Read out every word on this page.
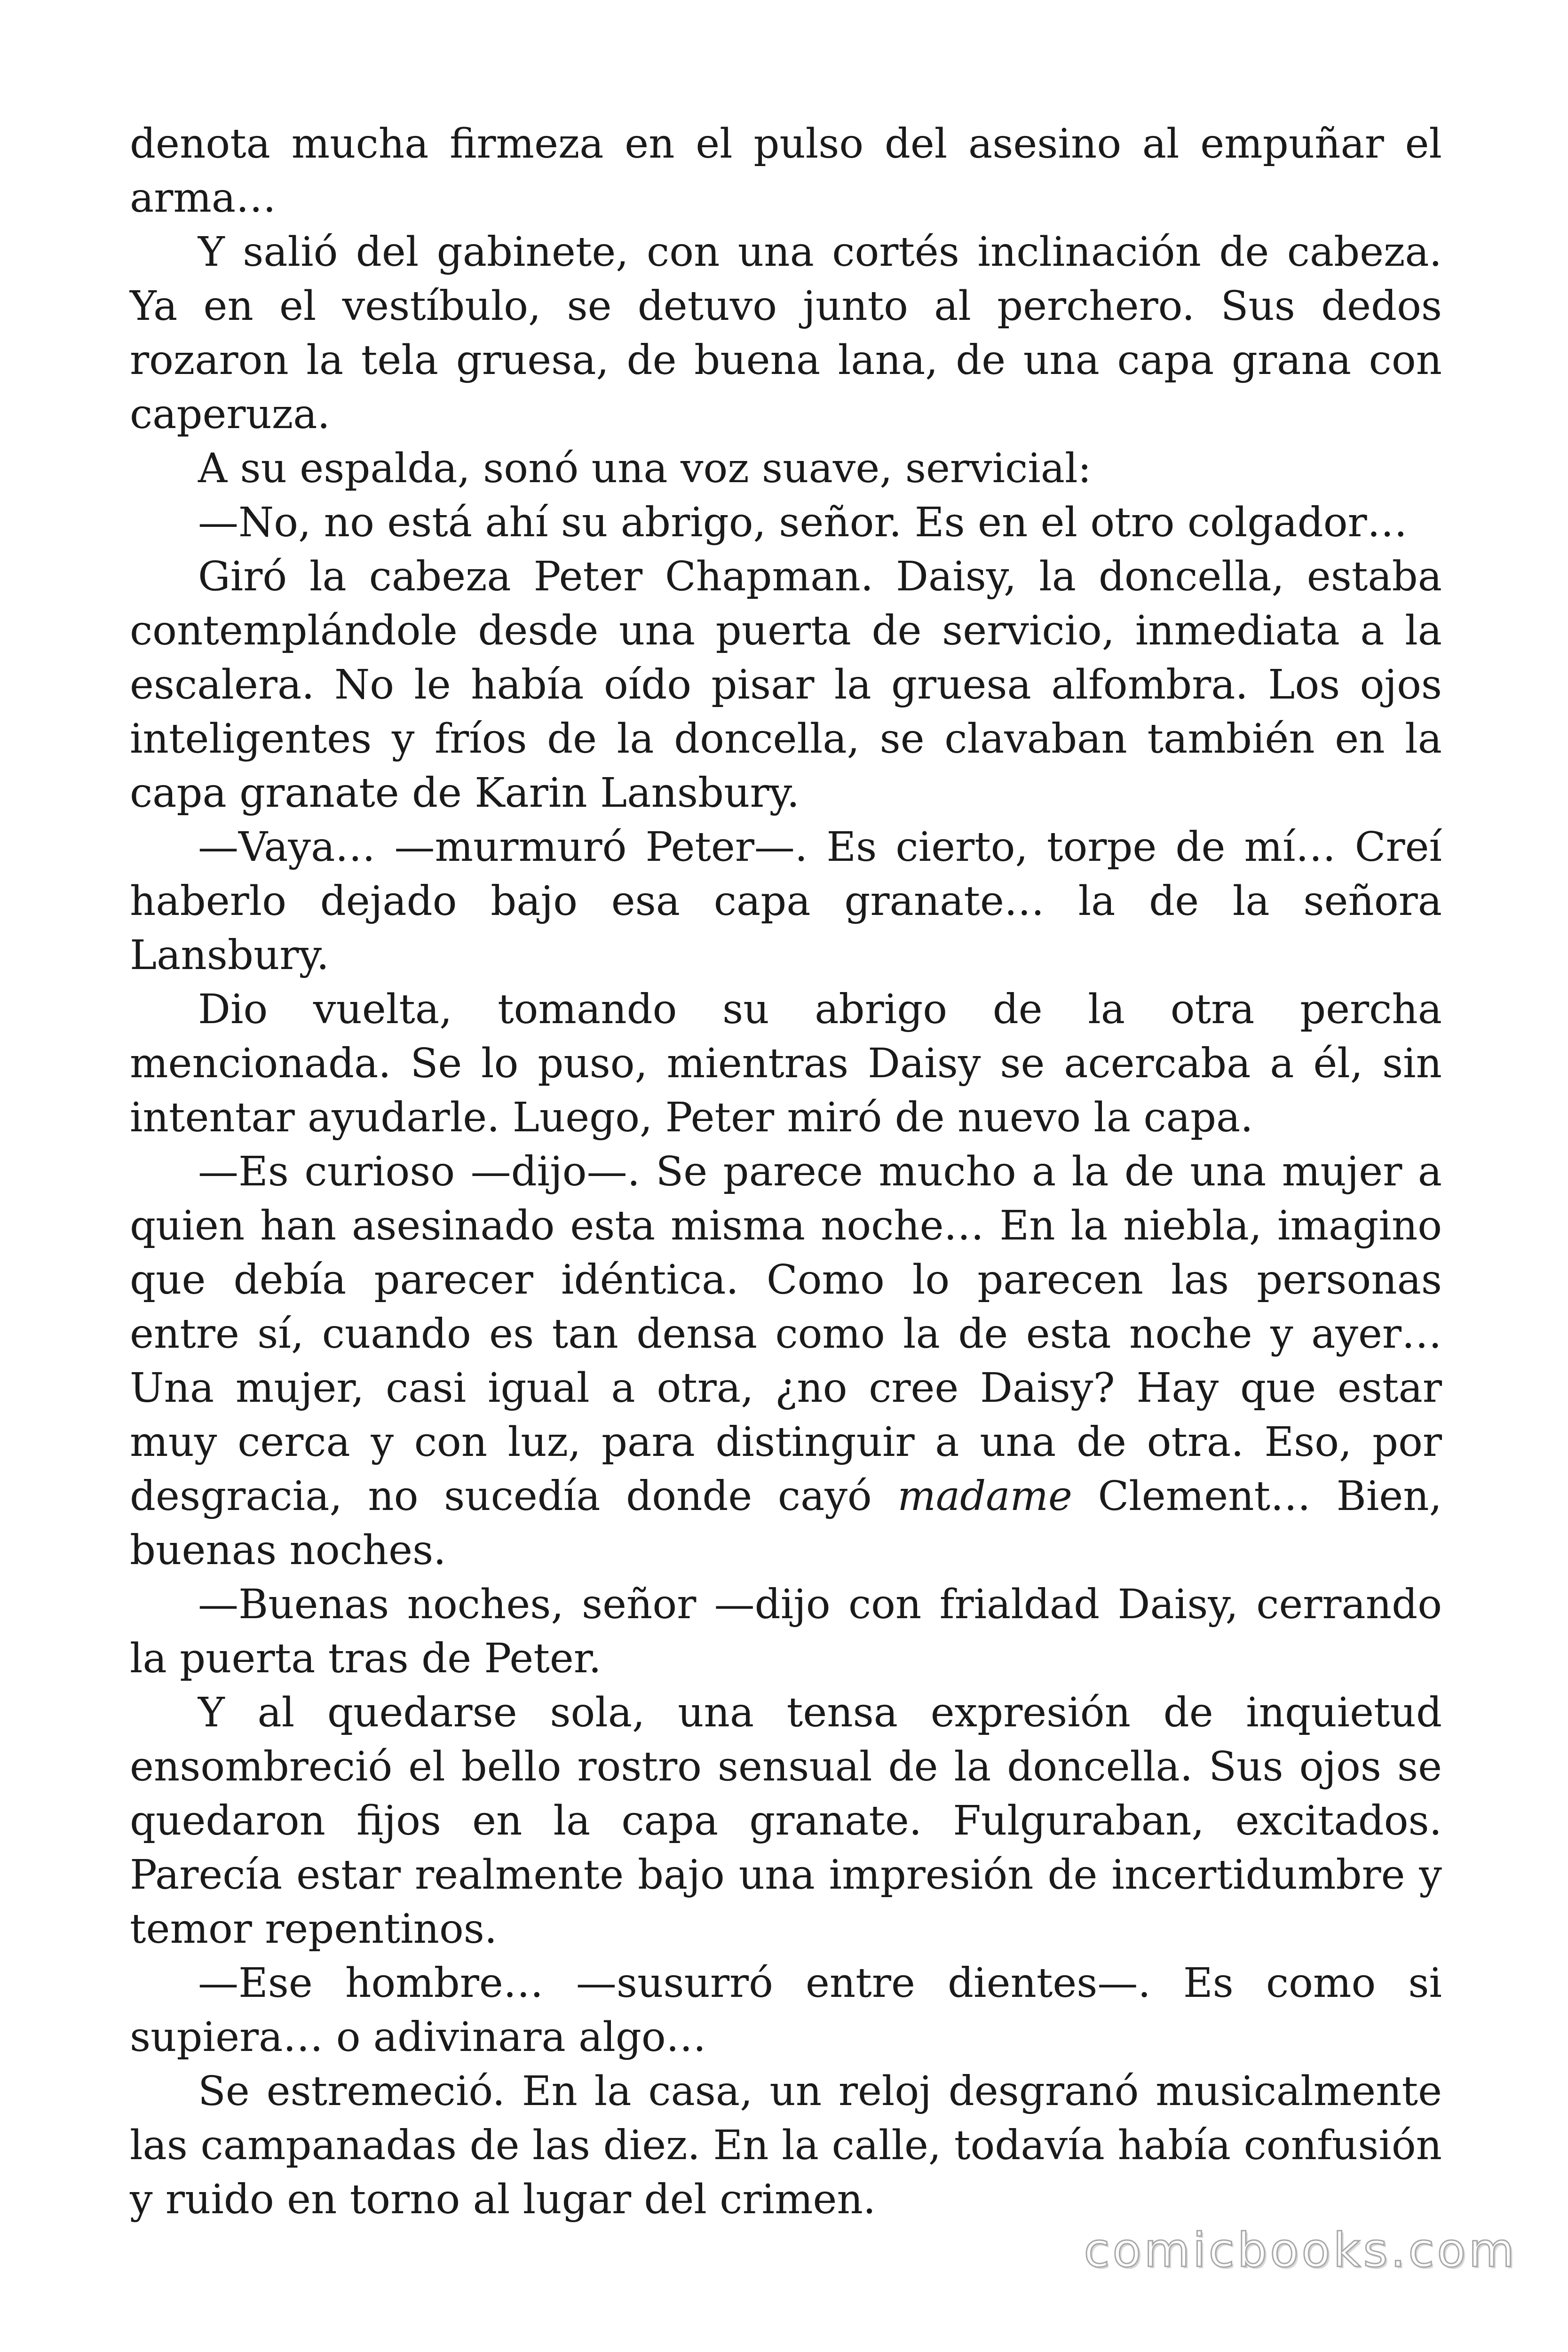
denota mucha firmeza en el pulso del asesino al empuñar el arma…

Y salió del gabinete, con una cortés inclinación de cabeza. Ya en el vestíbulo, se detuvo junto al perchero. Sus dedos rozaron la tela gruesa, de buena lana, de una capa grana con caperuza.

A su espalda, sonó una voz suave, servicial:

—No, no está ahí su abrigo, señor. Es en el otro colgador…

Giró la cabeza Peter Chapman. Daisy, la doncella, estaba contemplándole desde una puerta de servicio, inmediata a la escalera. No le había oído pisar la gruesa alfombra. Los ojos inteligentes y fríos de la doncella, se clavaban también en la capa granate de Karin Lansbury.

—Vaya… —murmuró Peter—. Es cierto, torpe de mí… Creí haberlo dejado bajo esa capa granate… la de la señora Lansbury.

Dio vuelta, tomando su abrigo de la otra percha mencionada. Se lo puso, mientras Daisy se acercaba a él, sin intentar ayudarle. Luego, Peter miró de nuevo la capa.

—Es curioso —dijo—. Se parece mucho a la de una mujer a quien han asesinado esta misma noche… En la niebla, imagino que debía parecer idéntica. Como lo parecen las personas entre sí, cuando es tan densa como la de esta noche y ayer… Una mujer, casi igual a otra, ¿no cree Daisy? Hay que estar muy cerca y con luz, para distinguir a una de otra. Eso, por desgracia, no sucedía donde cayó madame Clement… Bien, buenas noches.

—Buenas noches, señor —dijo con frialdad Daisy, cerrando la puerta tras de Peter.

Y al quedarse sola, una tensa expresión de inquietud ensombreció el bello rostro sensual de la doncella. Sus ojos se quedaron fijos en la capa granate. Fulguraban, excitados. Parecía estar realmente bajo una impresión de incertidumbre y temor repentinos.

—Ese hombre… —susurró entre dientes—. Es como si supiera… o adivinara algo…

Se estremeció. En la casa, un reloj desgranó musicalmente las campanadas de las diez. En la calle, todavía había confusión y ruido en torno al lugar del crimen.

comicbooks.com
